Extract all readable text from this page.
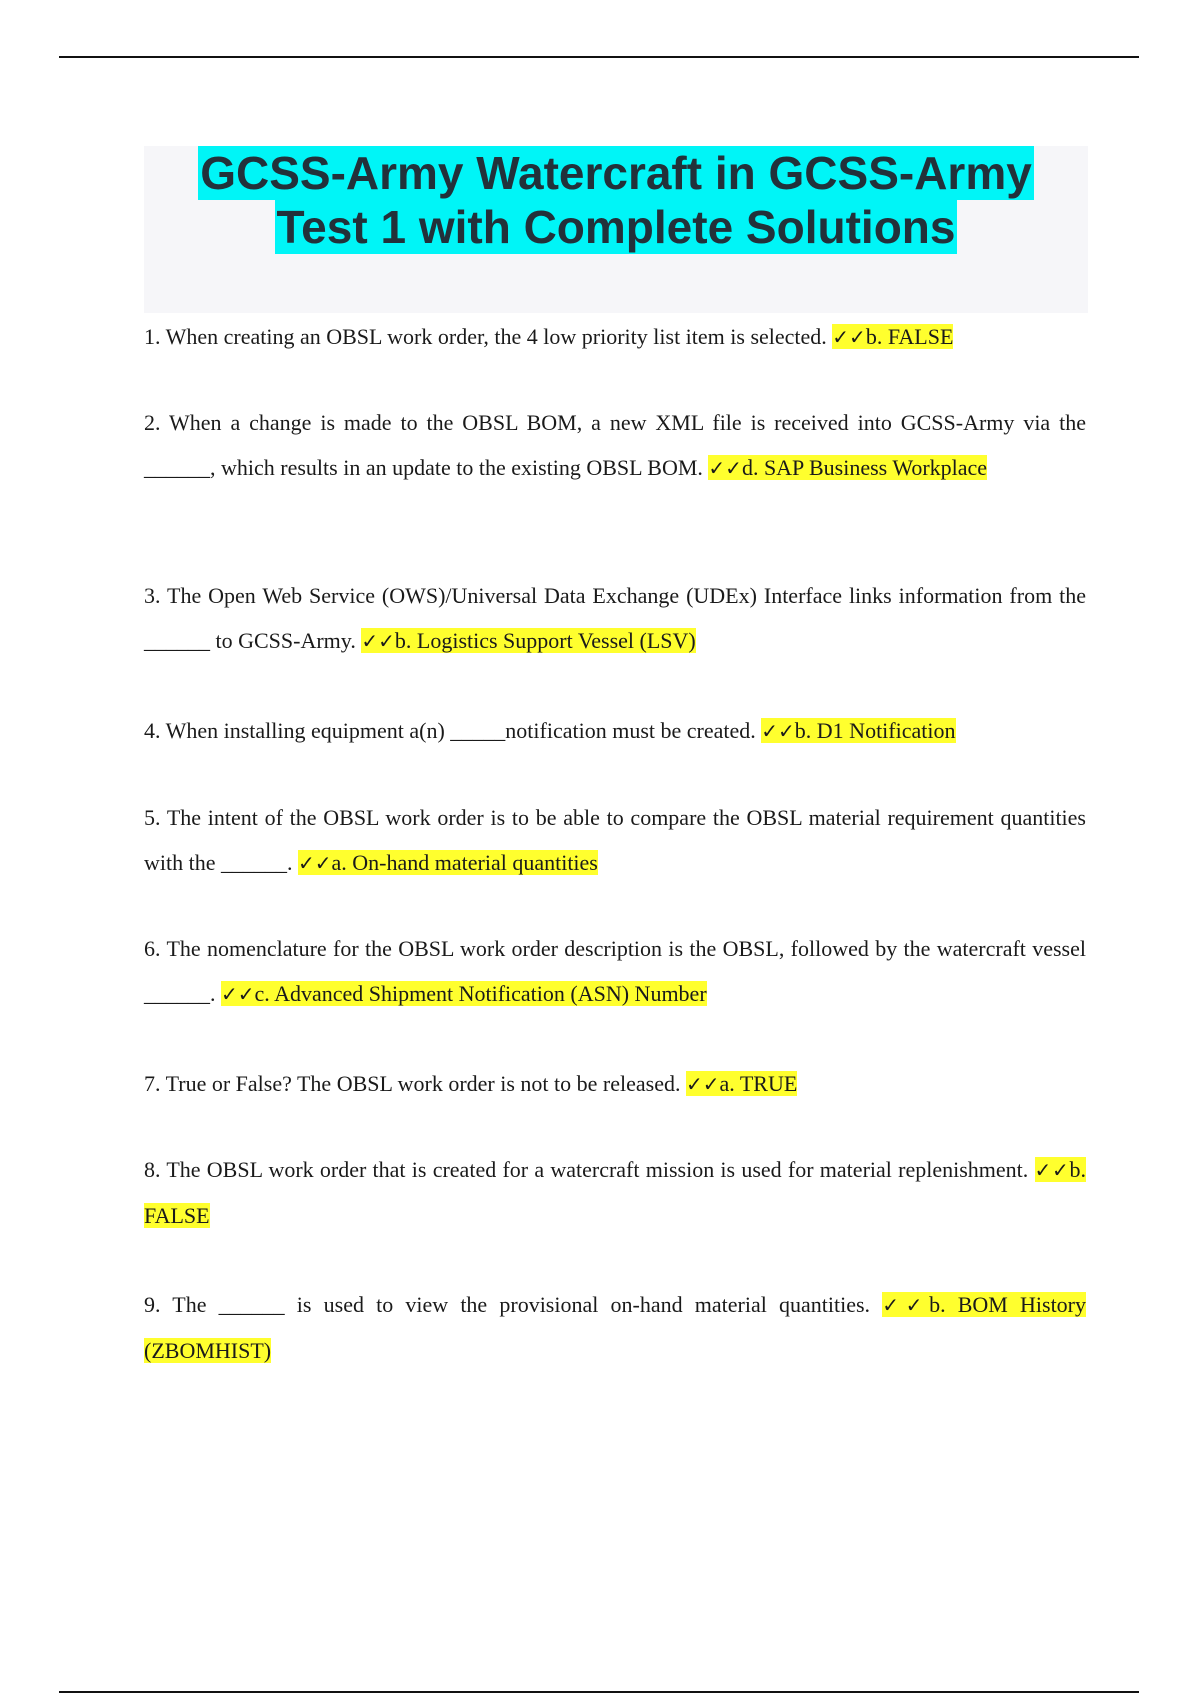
GCSS-Army Watercraft in GCSS-Army
Test 1 with Complete Solutions
1. When creating an OBSL work order, the 4 low priority list item is selected. ✓✓b. FALSE
2. When a change is made to the OBSL BOM, a new XML file is received into GCSS-Army via the ______, which results in an update to the existing OBSL BOM. ✓✓d. SAP Business Workplace
3. The Open Web Service (OWS)/Universal Data Exchange (UDEx) Interface links information from the ______ to GCSS-Army. ✓✓b. Logistics Support Vessel (LSV)
4. When installing equipment a(n) _____notification must be created. ✓✓b. D1 Notification
5. The intent of the OBSL work order is to be able to compare the OBSL material requirement quantities with the ______. ✓✓a. On-hand material quantities
6. The nomenclature for the OBSL work order description is the OBSL, followed by the watercraft vessel ______. ✓✓c. Advanced Shipment Notification (ASN) Number
7. True or False? The OBSL work order is not to be released. ✓✓a. TRUE
8. The OBSL work order that is created for a watercraft mission is used for material replenishment. ✓✓b. FALSE
9. The ______ is used to view the provisional on-hand material quantities. ✓✓b. BOM History (ZBOMHIST)
